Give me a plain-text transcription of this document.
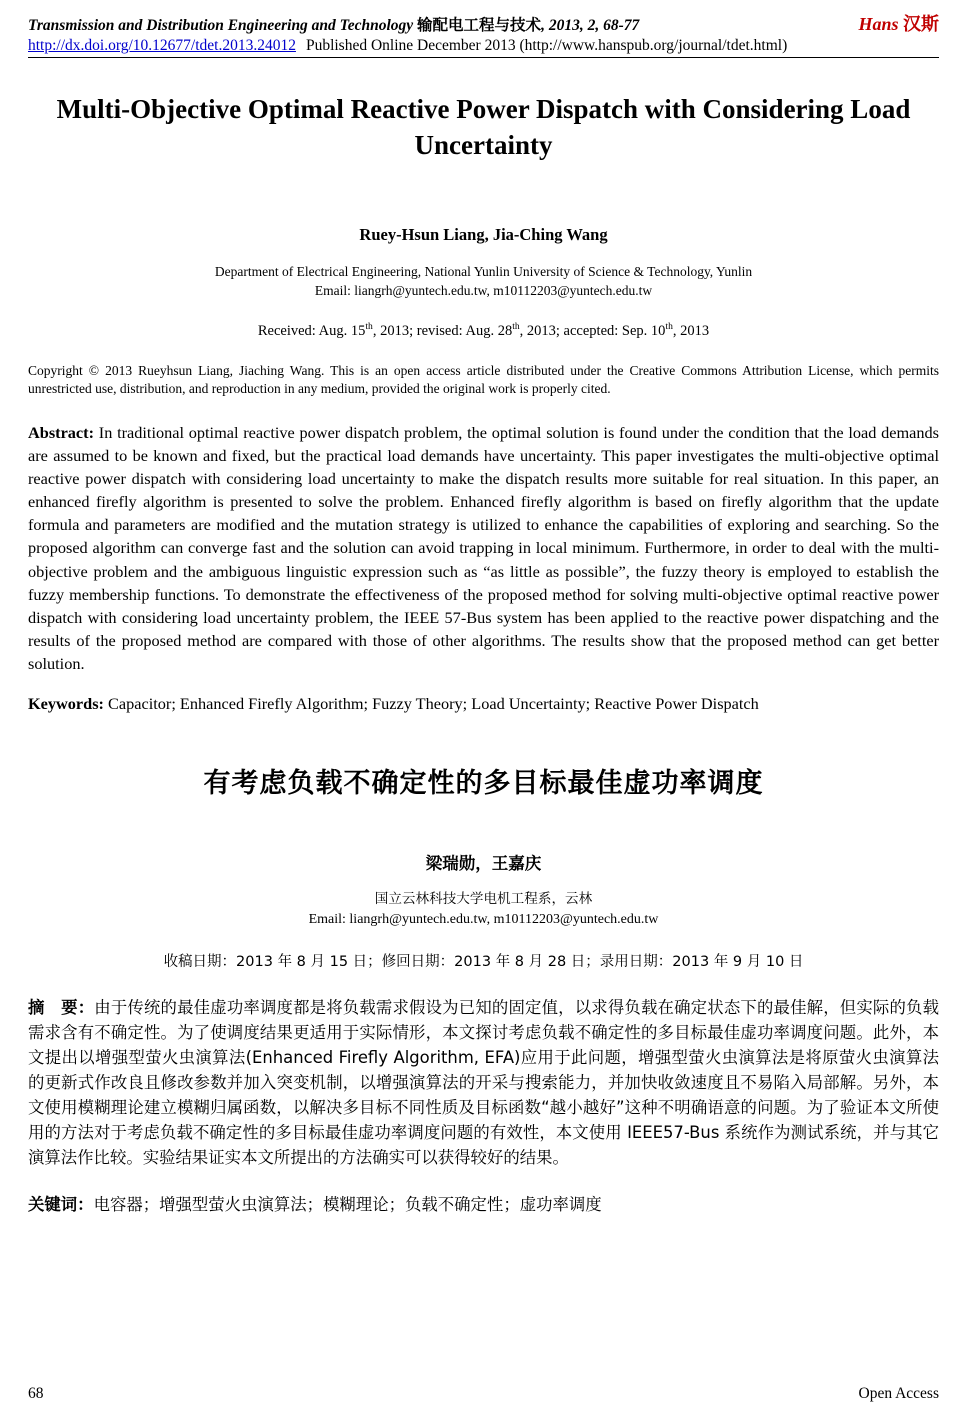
Transmission and Distribution Engineering and Technology 输配电工程与技术, 2013, 2, 68-77	Hans 汉斯
http://dx.doi.org/10.12677/tdet.2013.24012 Published Online December 2013 (http://www.hanspub.org/journal/tdet.html)
Multi-Objective Optimal Reactive Power Dispatch with Considering Load Uncertainty
Ruey-Hsun Liang, Jia-Ching Wang
Department of Electrical Engineering, National Yunlin University of Science & Technology, Yunlin
Email: liangrh@yuntech.edu.tw, m10112203@yuntech.edu.tw
Received: Aug. 15th, 2013; revised: Aug. 28th, 2013; accepted: Sep. 10th, 2013
Copyright © 2013 Rueyhsun Liang, Jiaching Wang. This is an open access article distributed under the Creative Commons Attribution License, which permits unrestricted use, distribution, and reproduction in any medium, provided the original work is properly cited.
Abstract: In traditional optimal reactive power dispatch problem, the optimal solution is found under the condition that the load demands are assumed to be known and fixed, but the practical load demands have uncertainty. This paper investigates the multi-objective optimal reactive power dispatch with considering load uncertainty to make the dispatch results more suitable for real situation. In this paper, an enhanced firefly algorithm is presented to solve the problem. Enhanced firefly algorithm is based on firefly algorithm that the update formula and parameters are modified and the mutation strategy is utilized to enhance the capabilities of exploring and searching. So the proposed algorithm can converge fast and the solution can avoid trapping in local minimum. Furthermore, in order to deal with the multi-objective problem and the ambiguous linguistic expression such as “as little as possible”, the fuzzy theory is employed to establish the fuzzy membership functions. To demonstrate the effectiveness of the proposed method for solving multi-objective optimal reactive power dispatch with considering load uncertainty problem, the IEEE 57-Bus system has been applied to the reactive power dispatching and the results of the proposed method are compared with those of other algorithms. The results show that the proposed method can get better solution.
Keywords: Capacitor; Enhanced Firefly Algorithm; Fuzzy Theory; Load Uncertainty; Reactive Power Dispatch
有考虑负载不确定性的多目标最佳虚功率调度
梁瑞勋，王嘉庆
国立云林科技大学电机工程系，云林
Email: liangrh@yuntech.edu.tw, m10112203@yuntech.edu.tw
收稿日期：2013 年 8 月 15 日；修回日期：2013 年 8 月 28 日；录用日期：2013 年 9 月 10 日
摘　要：由于传统的最佳虚功率调度都是将负载需求假设为已知的固定值，以求得负载在确定状态下的最佳解，但实际的负载需求含有不确定性。为了使调度结果更适用于实际情形，本文探讨考虑负载不确定性的多目标最佳虚功率调度问题。此外，本文提出以增强型萤火虫演算法(Enhanced Firefly Algorithm, EFA)应用于此问题，增强型萤火虫演算法是将原萤火虫演算法的更新式作改良且修改参数并加入突变机制，以增强演算法的开采与搜索能力，并加快收敛速度且不易陷入局部解。另外，本文使用模糊理论建立模糊归属函数，以解决多目标不同性质及目标函数“越小越好”这种不明确语意的问题。为了验证本文所使用的方法对于考虑负载不确定性的多目标最佳虚功率调度问题的有效性，本文使用 IEEE57-Bus 系统作为测试系统，并与其它演算法作比较。实验结果证实本文所提出的方法确实可以获得较好的结果。
关键词：电容器；增强型萤火虫演算法；模糊理论；负载不确定性；虚功率调度
68	Open Access
